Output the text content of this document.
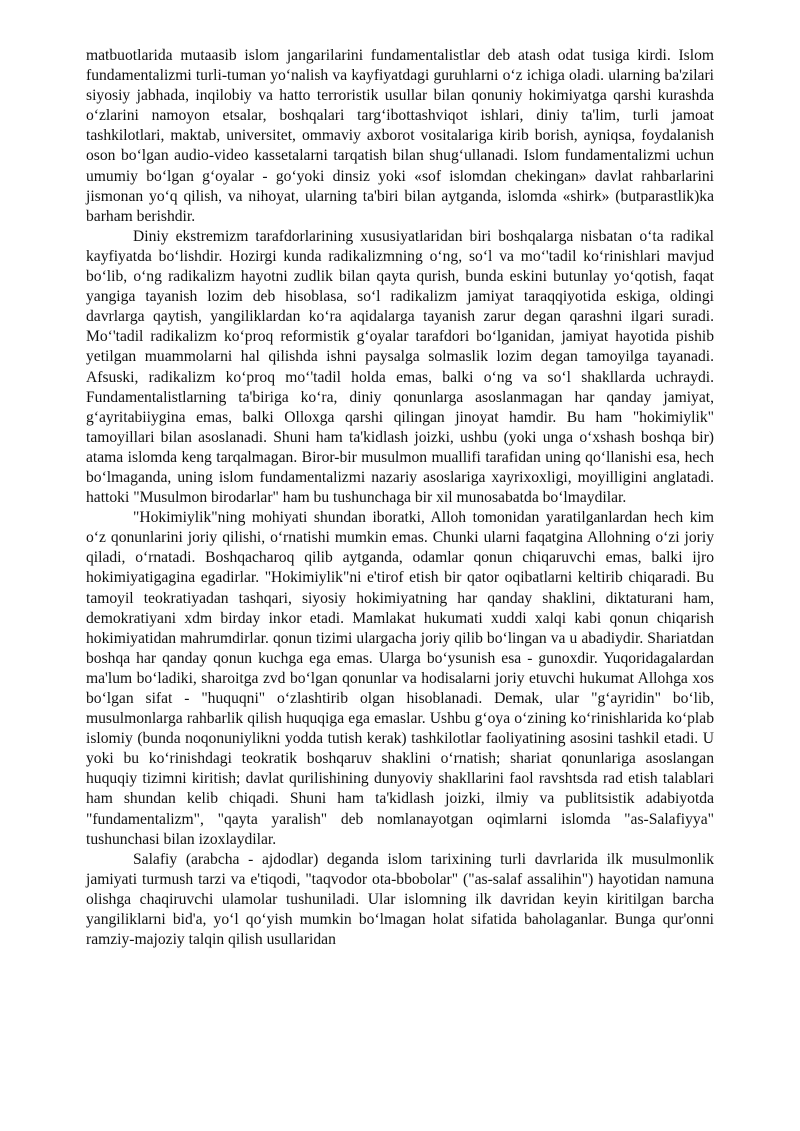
matbuotlarida mutaasib islom jangarilarini fundamentalistlar deb atash odat tusiga kirdi. Islom fundamentalizmi turli-tuman yo‘nalish va kayfiyatdagi guruhlarni o‘z ichiga oladi. ularning ba'zilari siyosiy jabhada, inqilobiy va hatto terroristik usullar bilan qonuniy hokimiyatga qarshi kurashda o‘zlarini namoyon etsalar, boshqalari targ‘ibottashviqot ishlari, diniy ta'lim, turli jamoat tashkilotlari, maktab, universitet, ommaviy axborot vositalariga kirib borish, ayniqsa, foydalanish oson bo‘lgan audio-video kassetalarni tarqatish bilan shug‘ullanadi. Islom fundamentalizmi uchun umumiy bo‘lgan g‘oyalar - go‘yoki dinsiz yoki «sof islomdan chekingan» davlat rahbarlarini jismonan yo‘q qilish, va nihoyat, ularning ta'biri bilan aytganda, islomda «shirk» (butparastlik)ka barham berishdir.

Diniy ekstremizm tarafdorlarining xususiyatlaridan biri boshqalarga nisbatan o‘ta radikal kayfiyatda bo‘lishdir. Hozirgi kunda radikalizmning o‘ng, so‘l va mo‘'tadil ko‘rinishlari mavjud bo‘lib, o‘ng radikalizm hayotni zudlik bilan qayta qurish, bunda eskini butunlay yo‘qotish, faqat yangiga tayanish lozim deb hisoblasa, so‘l radikalizm jamiyat taraqqiyotida eskiga, oldingi davrlarga qaytish, yangiliklardan ko‘ra aqidalarga tayanish zarur degan qarashni ilgari suradi. Mo‘'tadil radikalizm ko‘proq reformistik g‘oyalar tarafdori bo‘lganidan, jamiyat hayotida pishib yetilgan muammolarni hal qilishda ishni paysalga solmaslik lozim degan tamoyilga tayanadi. Afsuski, radikalizm ko‘proq mo‘'tadil holda emas, balki o‘ng va so‘l shakllarda uchraydi. Fundamentalistlarning ta'biriga ko‘ra, diniy qonunlarga asoslanmagan har qanday jamiyat, g‘ayritabiiygina emas, balki Olloxga qarshi qilingan jinoyat hamdir. Bu ham "hokimiylik" tamoyillari bilan asoslanadi. Shuni ham ta'kidlash joizki, ushbu (yoki unga o‘xshash boshqa bir) atama islomda keng tarqalmagan. Biror-bir musulmon muallifi tarafidan uning qo‘llanishi esa, hech bo‘lmaganda, uning islom fundamentalizmi nazariy asoslariga xayrixoxligi, moyilligini anglatadi. hattoki "Musulmon birodarlar" ham bu tushunchaga bir xil munosabatda bo‘lmaydilar.

"Hokimiylik"ning mohiyati shundan iboratki, Alloh tomonidan yaratilganlardan hech kim o‘z qonunlarini joriy qilishi, o‘rnatishi mumkin emas. Chunki ularni faqatgina Allohning o‘zi joriy qiladi, o‘rnatadi. Boshqacharoq qilib aytganda, odamlar qonun chiqaruvchi emas, balki ijro hokimiyatigagina egadirlar. "Hokimiylik"ni e'tirof etish bir qator oqibatlarni keltirib chiqaradi. Bu tamoyil teokratiyadan tashqari, siyosiy hokimiyatning har qanday shaklini, diktaturani ham, demokratiyani xdm birday inkor etadi. Mamlakat hukumati xuddi xalqi kabi qonun chiqarish hokimiyatidan mahrumdirlar. qonun tizimi ulargacha joriy qilib bo‘lingan va u abadiydir. Shariatdan boshqa har qanday qonun kuchga ega emas. Ularga bo‘ysunish esa - gunoxdir. Yuqoridagalardan ma'lum bo‘ladiki, sharoitga zvd bo‘lgan qonunlar va hodisalarni joriy etuvchi hukumat Allohga xos bo‘lgan sifat - "huquqni" o‘zlashtirib olgan hisoblanadi. Demak, ular "g‘ayridin" bo‘lib, musulmonlarga rahbarlik qilish huquqiga ega emaslar. Ushbu g‘oya o‘zining ko‘rinishlarida ko‘plab islomiy (bunda noqonuniylikni yodda tutish kerak) tashkilotlar faoliyatining asosini tashkil etadi. U yoki bu ko‘rinishdagi teokratik boshqaruv shaklini o‘rnatish; shariat qonunlariga asoslangan huquqiy tizimni kiritish; davlat qurilishining dunyoviy shakllarini faol ravshtsda rad etish talablari ham shundan kelib chiqadi. Shuni ham ta'kidlash joizki, ilmiy va publitsistik adabiyotda "fundamentalizm", "qayta yaralish" deb nomlanayotgan oqimlarni islomda "as-Salafiyya" tushunchasi bilan izoxlaydilar.

Salafiy (arabcha - ajdodlar) deganda islom tarixining turli davrlarida ilk musulmonlik jamiyati turmush tarzi va e'tiqodi, "taqvodor ota-bbobolar" ("as-salaf assalihin") hayotidan namuna olishga chaqiruvchi ulamolar tushuniladi. Ular islomning ilk davridan keyin kiritilgan barcha yangiliklarni bid'a, yo‘l qo‘yish mumkin bo‘lmagan holat sifatida baholaganlar. Bunga qur'onni ramziy-majoziy talqin qilish usullaridan
